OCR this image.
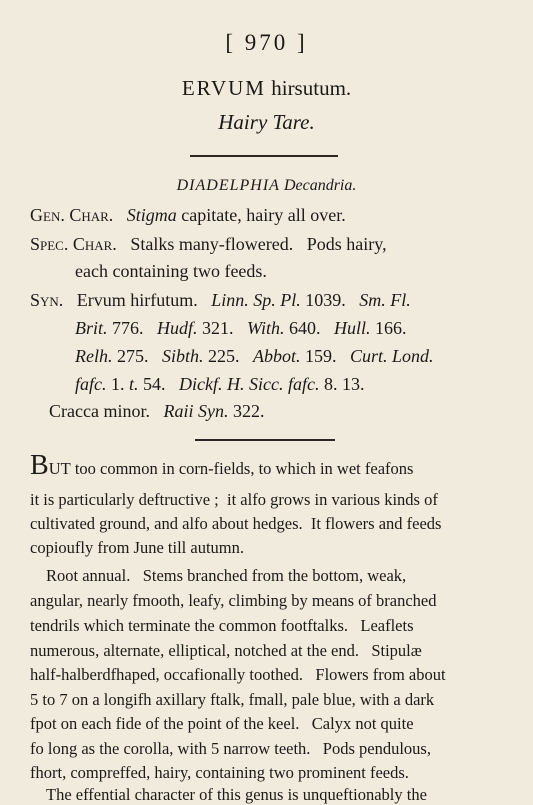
[ 970 ]
ERVUM hirsutum.
Hairy Tare.
DIADELPHIA Decandria.
Gen. Char. Stigma capitate, hairy all over.
Spec. Char. Stalks many-flowered.   Pods hairy,
each containing two feeds.
Syn. Ervum hirfutum. Linn. Sp. Pl. 1039. Sm. Fl.
Brit. 776. Hudf. 321. With. 640. Hull. 166.
Relh. 275. Sibth. 225. Abbot. 159. Curt. Lond.
fafc. 1. t. 54. Dickf. H. Sicc. fafc. 8. 13.
Cracca minor. Raii Syn. 322.
BUT too common in corn-fields, to which in wet feafons
it is particularly deftructive ;  it alfo grows in various kinds of
cultivated ground, and alfo about hedges.  It flowers and feeds
copioufly from June till autumn.
Root annual.   Stems branched from the bottom, weak,
angular, nearly fmooth, leafy, climbing by means of branched
tendrils which terminate the common footftalks.   Leaflets
numerous, alternate, elliptical, notched at the end.   Stipulæ
half-halberdfhaped, occafionally toothed.   Flowers from about
5 to 7 on a longifh axillary ftalk, fmall, pale blue, with a dark
fpot on each fide of the point of the keel.   Calyx not quite
fo long as the corolla, with 5 narrow teeth.   Pods pendulous,
fhort, compreffed, hairy, containing two prominent feeds.
The effential character of this genus is unqueftionably the
